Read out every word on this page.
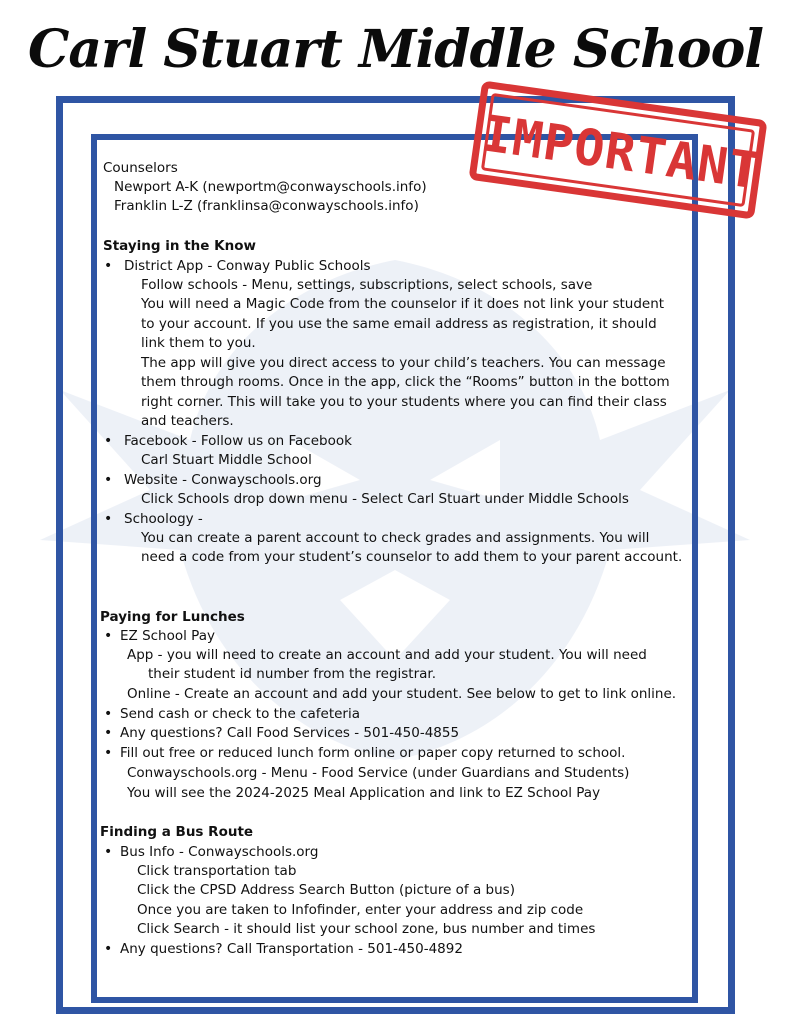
Carl Stuart Middle School
IMPORTANT
Counselors
Newport A-K (newportm@conwayschools.info)
Franklin L-Z (franklinsa@conwayschools.info)
Staying in the Know
• District App - Conway Public Schools
Follow schools - Menu, settings, subscriptions, select schools, save
You will need a Magic Code from the counselor if it does not link your student
to your account. If you use the same email address as registration, it should
link them to you.
The app will give you direct access to your child’s teachers. You can message
them through rooms. Once in the app, click the “Rooms” button in the bottom
right corner. This will take you to your students where you can find their class
and teachers.
• Facebook - Follow us on Facebook
Carl Stuart Middle School
• Website - Conwayschools.org
Click Schools drop down menu - Select Carl Stuart under Middle Schools
• Schoology -
You can create a parent account to check grades and assignments. You will
need a code from your student’s counselor to add them to your parent account.
Paying for Lunches
• EZ School Pay
App - you will need to create an account and add your student. You will need
their student id number from the registrar.
Online - Create an account and add your student. See below to get to link online.
• Send cash or check to the cafeteria
• Any questions? Call Food Services - 501-450-4855
• Fill out free or reduced lunch form online or paper copy returned to school.
Conwayschools.org - Menu - Food Service (under Guardians and Students)
You will see the 2024-2025 Meal Application and link to EZ School Pay
Finding a Bus Route
• Bus Info - Conwayschools.org
Click transportation tab
Click the CPSD Address Search Button (picture of a bus)
Once you are taken to Infofinder, enter your address and zip code
Click Search - it should list your school zone, bus number and times
• Any questions? Call Transportation - 501-450-4892
